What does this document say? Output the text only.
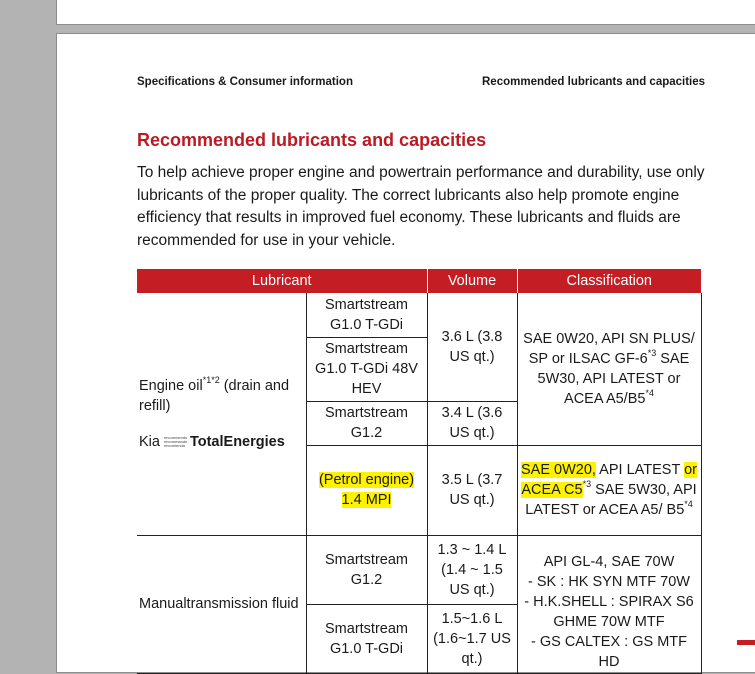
Specifications & Consumer information	Recommended lubricants and capacities
Recommended lubricants and capacities
To help achieve proper engine and powertrain performance and durability, use only lubricants of the proper quality. The correct lubricants also help promote engine efficiency that results in improved fuel economy. These lubricants and fluids are recommended for use in your vehicle.
Lubricant		Volume	Classification

Engine oil$^{*1*2}$ (drain and refill)
Kia recommends recommande recomienda TotalEnergies	Smartstream G1.0 T-GDi	3.6 L (3.8 US qt.)	SAE 0W20, API SN PLUS/ SP or ILSAC GF-6$^{*3}$ SAE 5W30, API LATEST or ACEA A5/B5$^{*4}$
	Smartstream G1.0 T-GDi 48V HEV		
	Smartstream G1.2	3.4 L (3.6 US qt.)	
	(Petrol engine) 1.4 MPI	3.5 L (3.7 US qt.)	SAE 0W20, API LATEST or ACEA C5$^{*3}$ SAE 5W30, API LATEST or ACEA A5/ B5$^{*4}$
Manualtransmission fluid	Smartstream G1.2	1.3 ~ 1.4 L (1.4 ~ 1.5 US qt.)	API GL-4, SAE 70W
- SK : HK SYN MTF 70W
- H.K.SHELL : SPIRAX S6 GHME 70W MTF
- GS CALTEX : GS MTF HD

	Smartstream G1.0 T-GDi	1.5~1.6 L (1.6~1.7 US qt.)	
